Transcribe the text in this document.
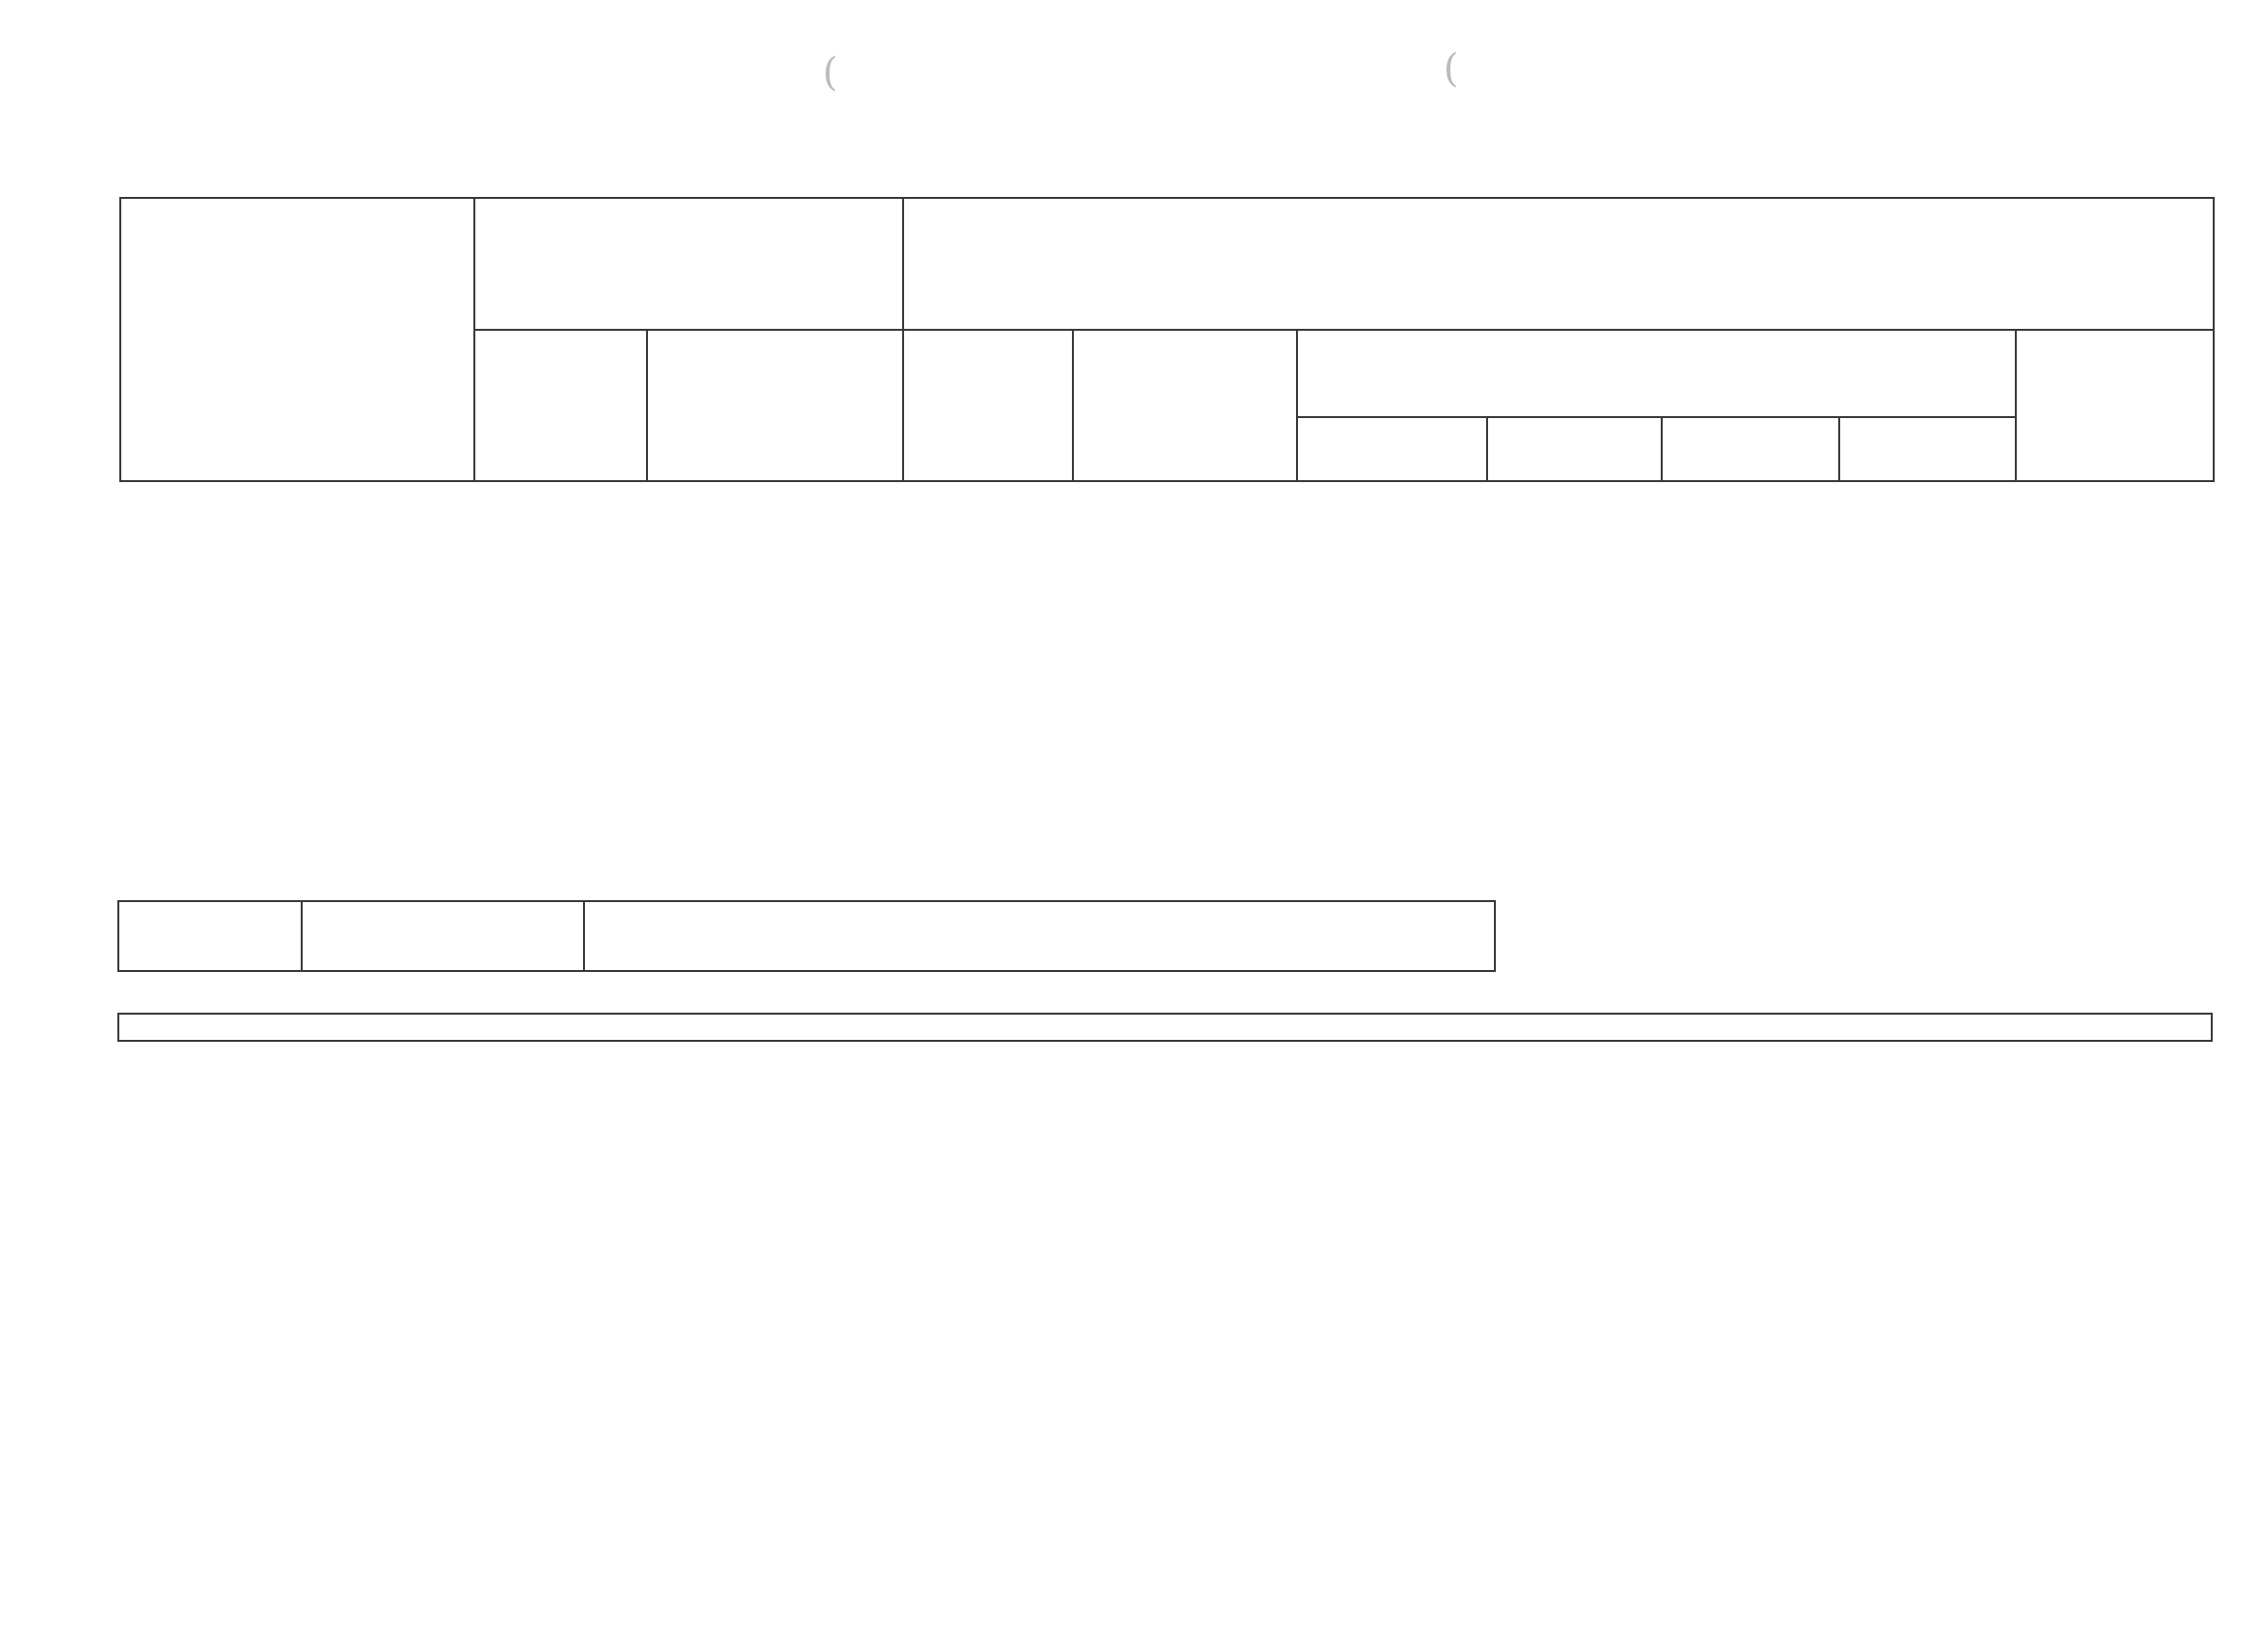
(	(
